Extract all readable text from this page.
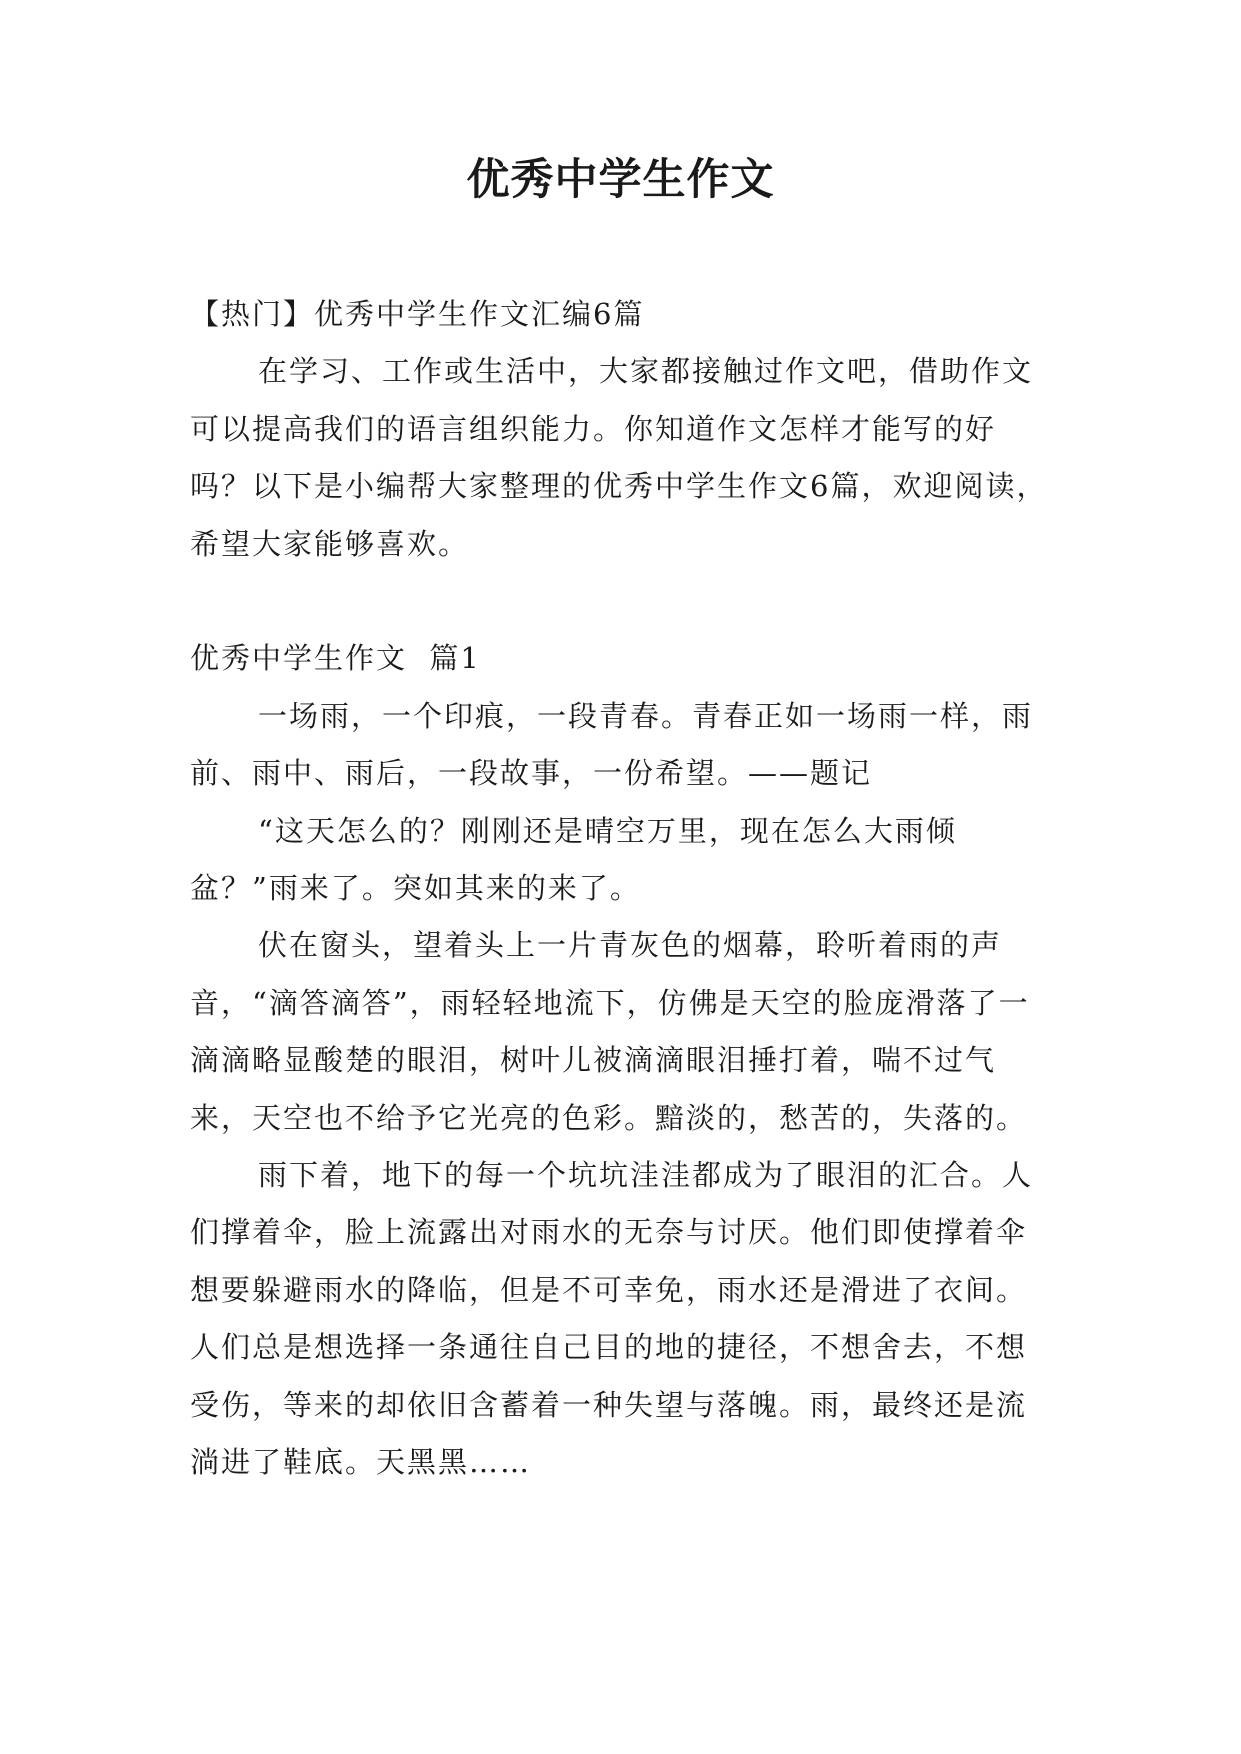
优秀中学生作文

【热门】优秀中学生作文汇编6篇

在学习、工作或生活中，大家都接触过作文吧，借助作文可以提高我们的语言组织能力。你知道作文怎样才能写的好吗？以下是小编帮大家整理的优秀中学生作文6篇，欢迎阅读，希望大家能够喜欢。

优秀中学生作文  篇1

一场雨，一个印痕，一段青春。青春正如一场雨一样，雨前、雨中、雨后，一段故事，一份希望。——题记

“这天怎么的？刚刚还是晴空万里，现在怎么大雨倾盆？”雨来了。突如其来的来了。

伏在窗头，望着头上一片青灰色的烟幕，聆听着雨的声音，“滴答滴答”，雨轻轻地流下，仿佛是天空的脸庞滑落了一滴滴略显酸楚的眼泪，树叶儿被滴滴眼泪捶打着，喘不过气来，天空也不给予它光亮的色彩。黯淡的，愁苦的，失落的。

雨下着，地下的每一个坑坑洼洼都成为了眼泪的汇合。人们撑着伞，脸上流露出对雨水的无奈与讨厌。他们即使撑着伞想要躲避雨水的降临，但是不可幸免，雨水还是滑进了衣间。人们总是想选择一条通往自己目的地的捷径，不想舍去，不想受伤，等来的却依旧含蓄着一种失望与落魄。雨，最终还是流淌进了鞋底。天黑黑……
